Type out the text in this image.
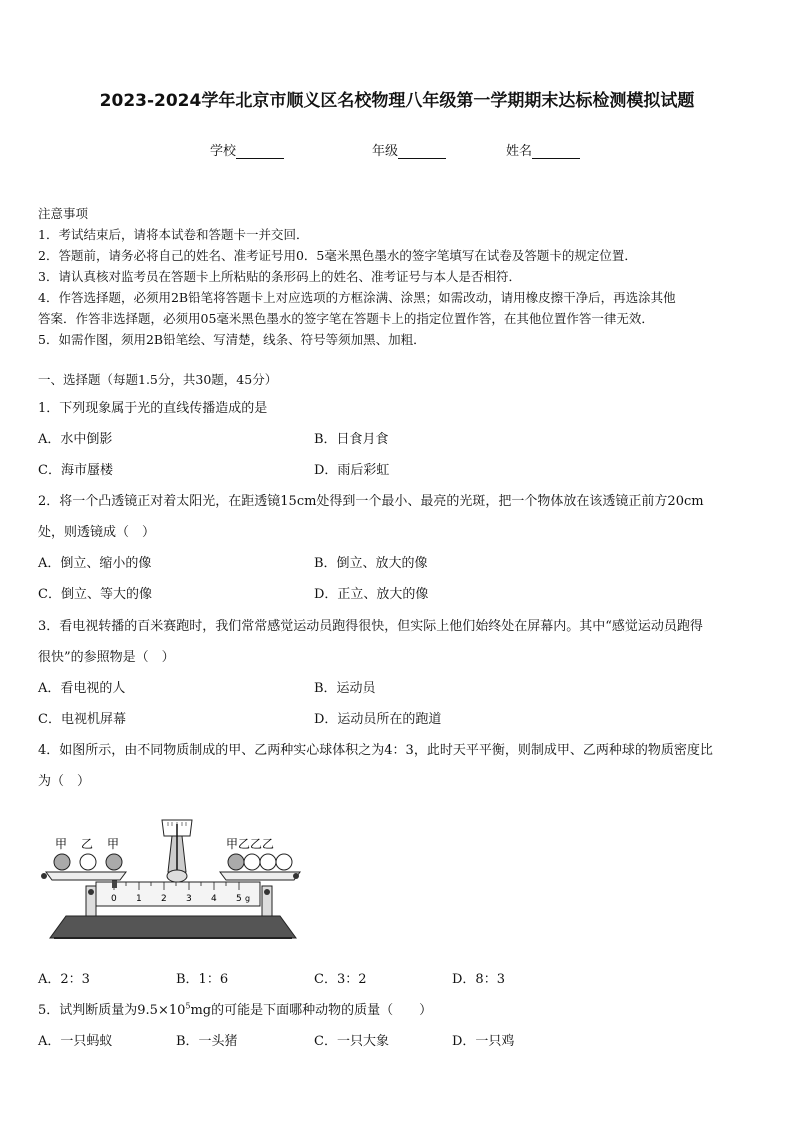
2023-2024学年北京市顺义区名校物理八年级第一学期期末达标检测模拟试题
学校	年级	姓名
注意事项
1．考试结束后，请将本试卷和答题卡一并交回．
2．答题前，请务必将自己的姓名、准考证号用0．5毫米黑色墨水的签字笔填写在试卷及答题卡的规定位置．
3．请认真核对监考员在答题卡上所粘贴的条形码上的姓名、准考证号与本人是否相符．
4．作答选择题，必须用2B铅笔将答题卡上对应选项的方框涂满、涂黑；如需改动，请用橡皮擦干净后，再选涂其他
答案．作答非选择题，必须用05毫米黑色墨水的签字笔在答题卡上的指定位置作答，在其他位置作答一律无效．
5．如需作图，须用2B铅笔绘、写清楚，线条、符号等须加黑、加粗．
一、选择题（每题1.5分，共30题，45分）
1．下列现象属于光的直线传播造成的是
A．水中倒影	B．日食月食
C．海市蜃楼	D．雨后彩虹
2．将一个凸透镜正对着太阳光，在距透镜15cm处得到一个最小、最亮的光斑，把一个物体放在该透镜正前方20cm
处，则透镜成（　）
A．倒立、缩小的像	B．倒立、放大的像
C．倒立、等大的像	D．正立、放大的像
3．看电视转播的百米赛跑时，我们常常感觉运动员跑得很快，但实际上他们始终处在屏幕内。其中“感觉运动员跑得
很快”的参照物是（　）
A．看电视的人	B．运动员
C．电视机屏幕	D．运动员所在的跑道
4．如图所示，由不同物质制成的甲、乙两种实心球体积之为4：3，此时天平平衡，则制成甲、乙两种球的物质密度比
为（　）
0 1 2 3 4 5 g
甲 乙 甲	甲乙乙乙
A．2：3	B．1：6	C．3：2	D．8：3
5．试判断质量为$9.5\times 10^5mg$的可能是下面哪种动物的质量（　　）
A．一只蚂蚁	B．一头猪	C．一只大象	D．一只鸡
